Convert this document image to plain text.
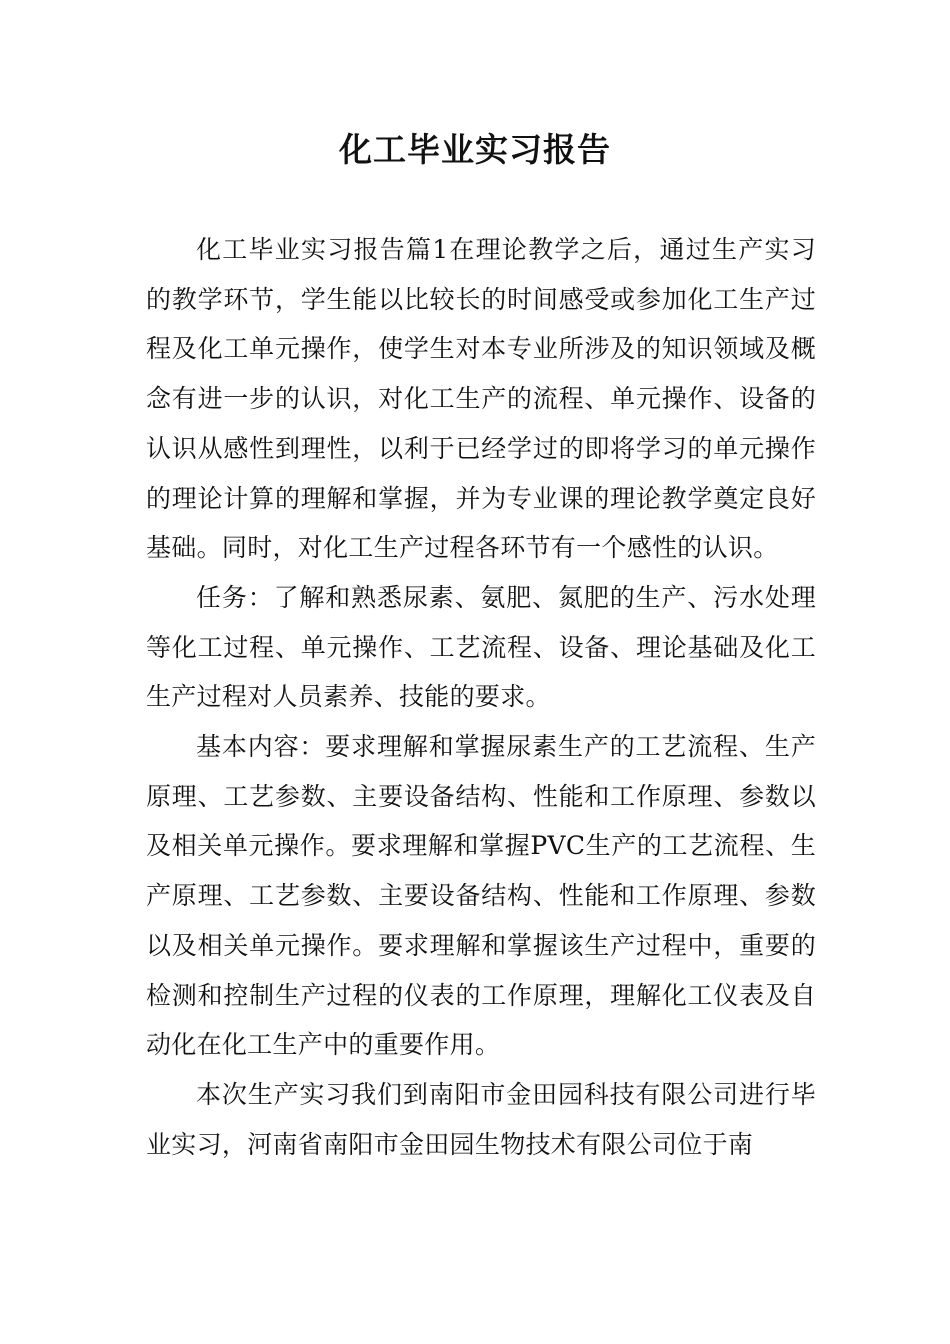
化工毕业实习报告

化工毕业实习报告篇1在理论教学之后，通过生产实习的教学环节，学生能以比较长的时间感受或参加化工生产过程及化工单元操作，使学生对本专业所涉及的知识领域及概念有进一步的认识，对化工生产的流程、单元操作、设备的认识从感性到理性，以利于已经学过的即将学习的单元操作的理论计算的理解和掌握，并为专业课的理论教学奠定良好基础。同时，对化工生产过程各环节有一个感性的认识。

任务：了解和熟悉尿素、氨肥、氮肥的生产、污水处理等化工过程、单元操作、工艺流程、设备、理论基础及化工生产过程对人员素养、技能的要求。

基本内容：要求理解和掌握尿素生产的工艺流程、生产原理、工艺参数、主要设备结构、性能和工作原理、参数以及相关单元操作。要求理解和掌握PVC生产的工艺流程、生产原理、工艺参数、主要设备结构、性能和工作原理、参数以及相关单元操作。要求理解和掌握该生产过程中，重要的检测和控制生产过程的仪表的工作原理，理解化工仪表及自动化在化工生产中的重要作用。

本次生产实习我们到南阳市金田园科技有限公司进行毕业实习，河南省南阳市金田园生物技术有限公司位于南
